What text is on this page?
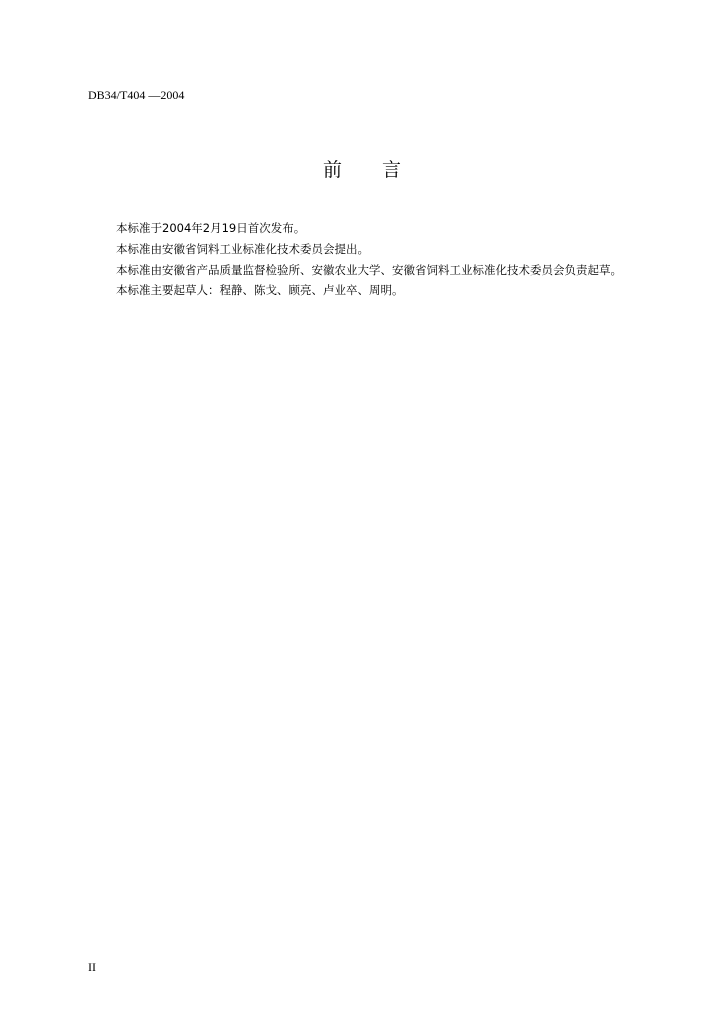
DB34/T404 —2004
前 言

本标准于2004年2月19日首次发布。

本标准由安徽省饲料工业标准化技术委员会提出。

本标准由安徽省产品质量监督检验所、安徽农业大学、安徽省饲料工业标准化技术委员会负责起草。

本标准主要起草人：程静、陈戈、顾亮、卢业卒、周明。

II
